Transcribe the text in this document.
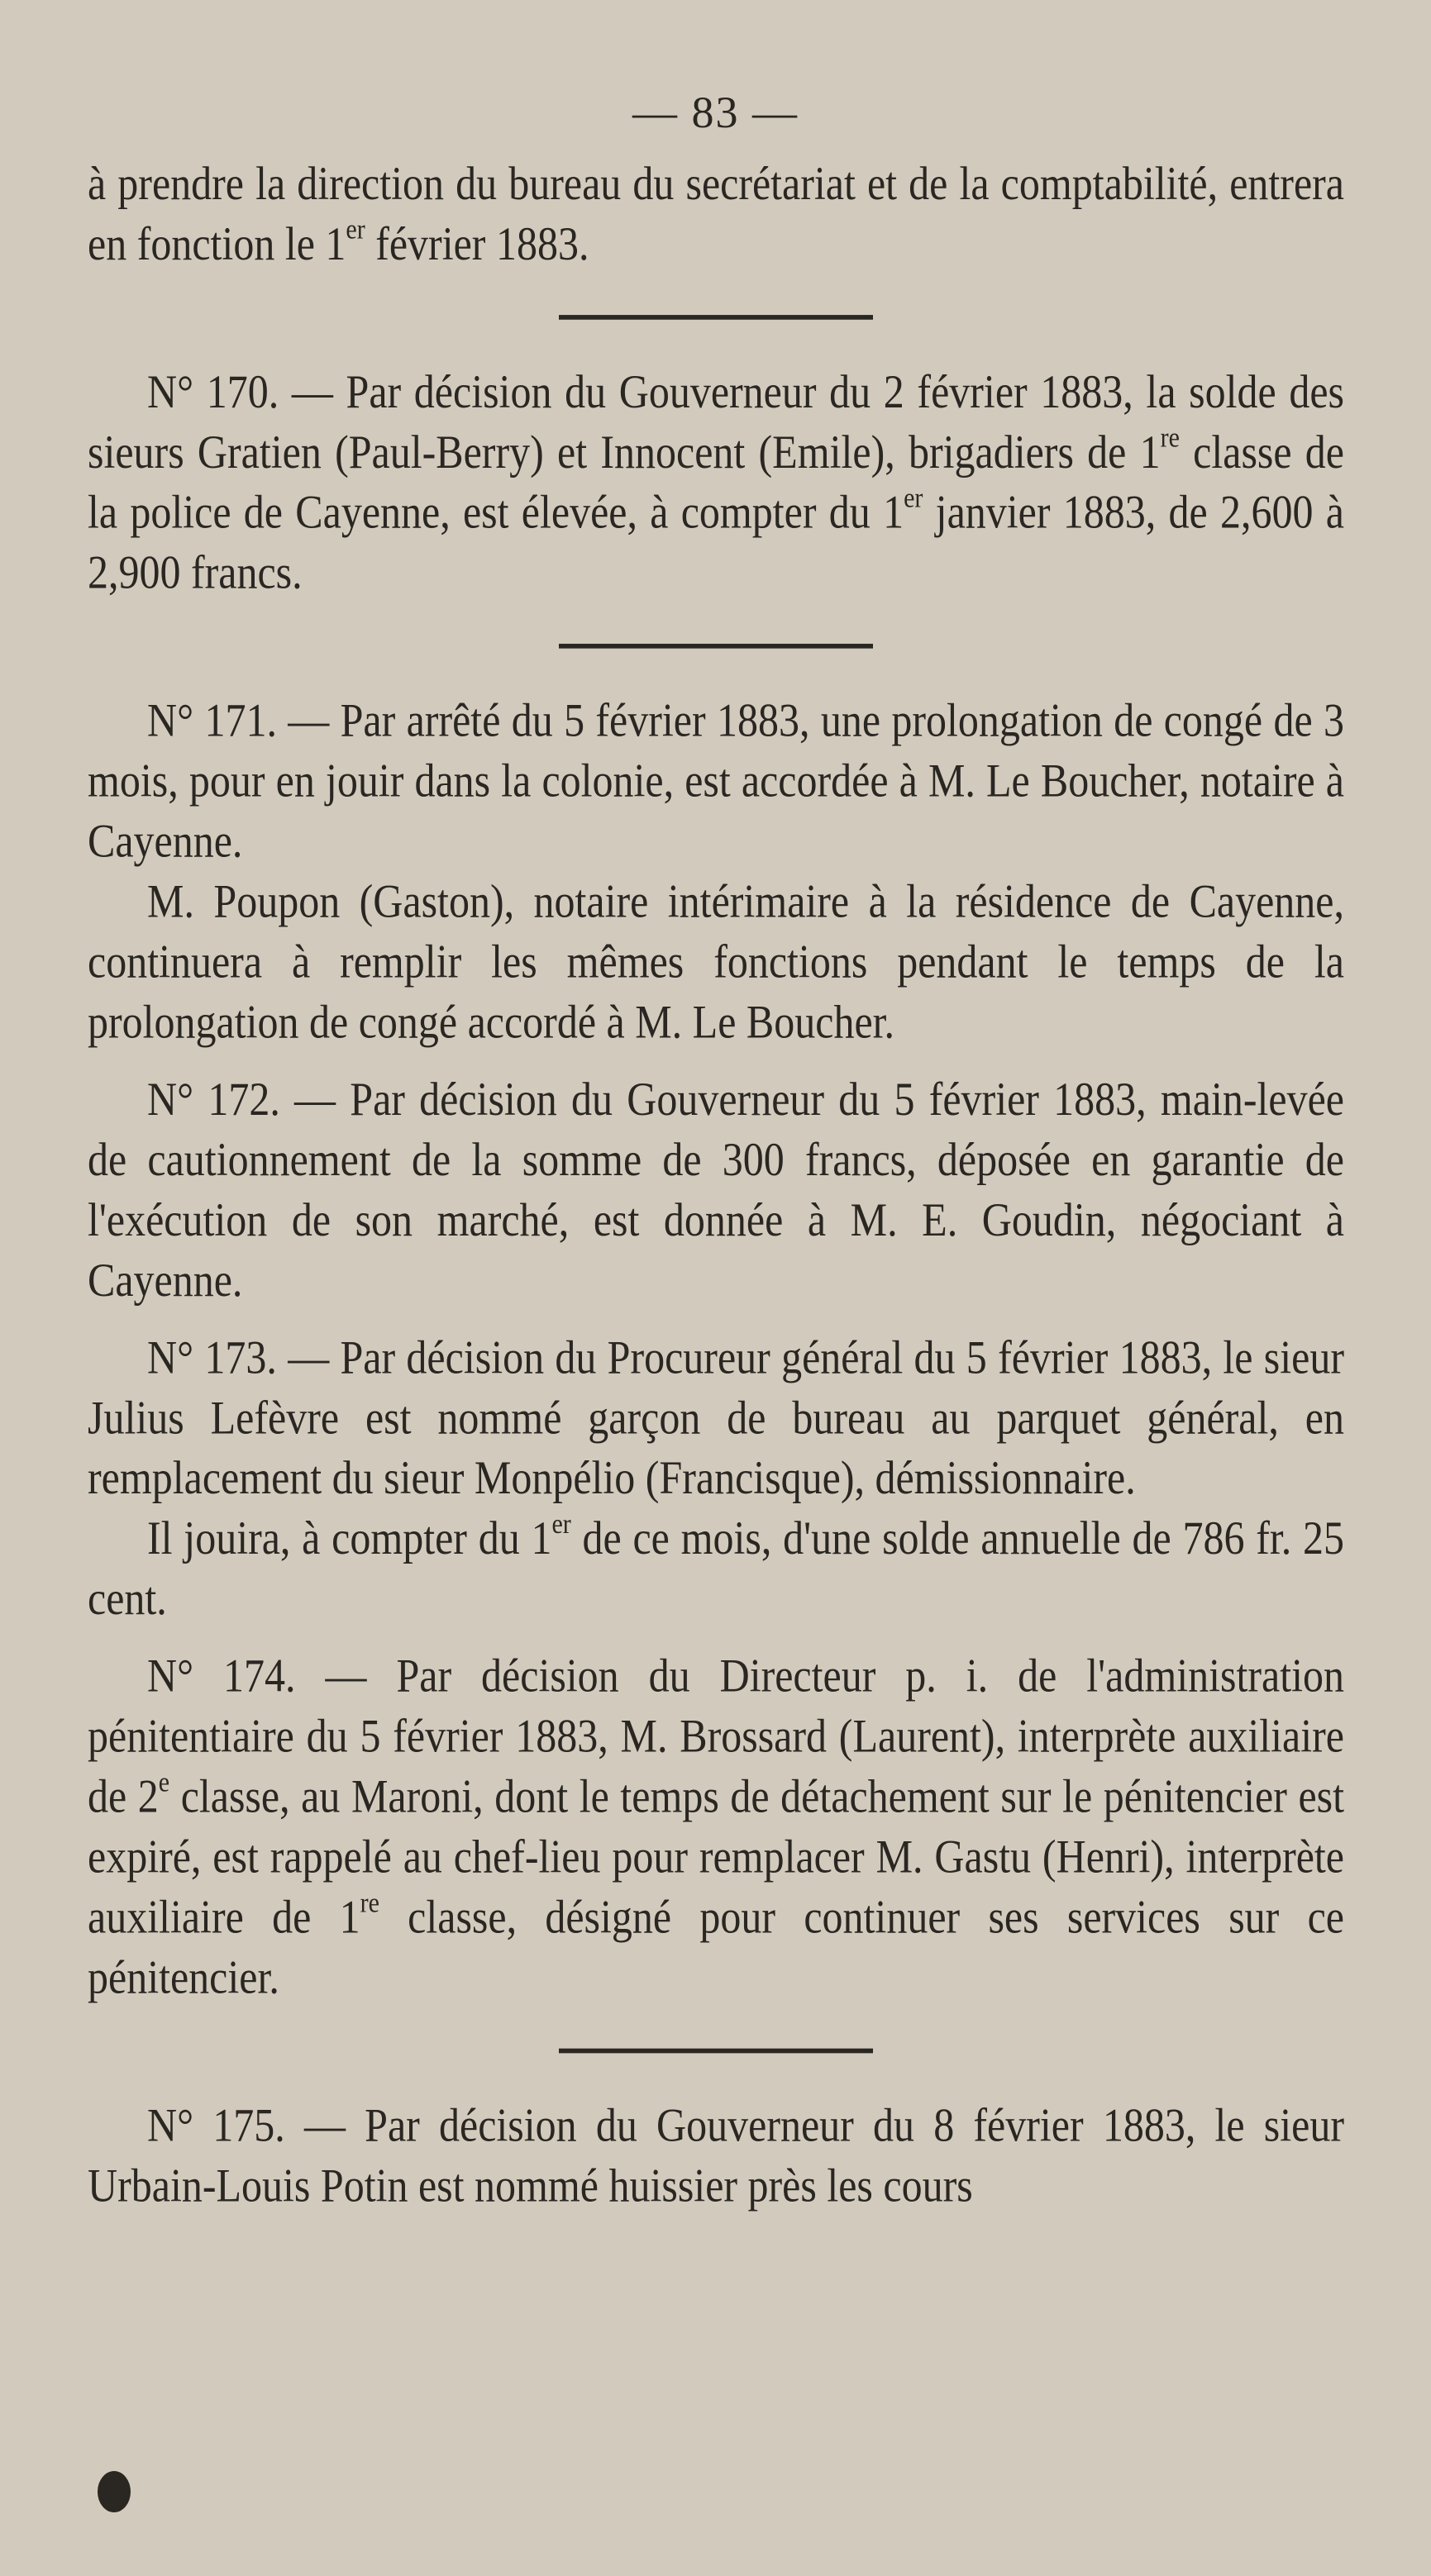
— 83 —

à prendre la direction du bureau du secrétariat et de la comptabilité, entrera en fonction le 1er février 1883.

N° 170. — Par décision du Gouverneur du 2 février 1883, la solde des sieurs Gratien (Paul-Berry) et Innocent (Emile), brigadiers de 1re classe de la police de Cayenne, est élevée, à compter du 1er janvier 1883, de 2,600 à 2,900 francs.

N° 171. — Par arrêté du 5 février 1883, une prolongation de congé de 3 mois, pour en jouir dans la colonie, est accordée à M. Le Boucher, notaire à Cayenne.

M. Poupon (Gaston), notaire intérimaire à la résidence de Cayenne, continuera à remplir les mêmes fonctions pendant le temps de la prolongation de congé accordé à M. Le Boucher.

N° 172. — Par décision du Gouverneur du 5 février 1883, main-levée de cautionnement de la somme de 300 francs, déposée en garantie de l'exécution de son marché, est donnée à M. E. Goudin, négociant à Cayenne.

N° 173. — Par décision du Procureur général du 5 février 1883, le sieur Julius Lefèvre est nommé garçon de bureau au parquet général, en remplacement du sieur Monpélio (Francisque), démissionnaire.

Il jouira, à compter du 1er de ce mois, d'une solde annuelle de 786 fr. 25 cent.

N° 174. — Par décision du Directeur p. i. de l'administration pénitentiaire du 5 février 1883, M. Brossard (Laurent), interprète auxiliaire de 2e classe, au Maroni, dont le temps de détachement sur le pénitencier est expiré, est rappelé au chef-lieu pour remplacer M. Gastu (Henri), interprète auxiliaire de 1re classe, désigné pour continuer ses services sur ce pénitencier.

N° 175. — Par décision du Gouverneur du 8 février 1883, le sieur Urbain-Louis Potin est nommé huissier près les cours
